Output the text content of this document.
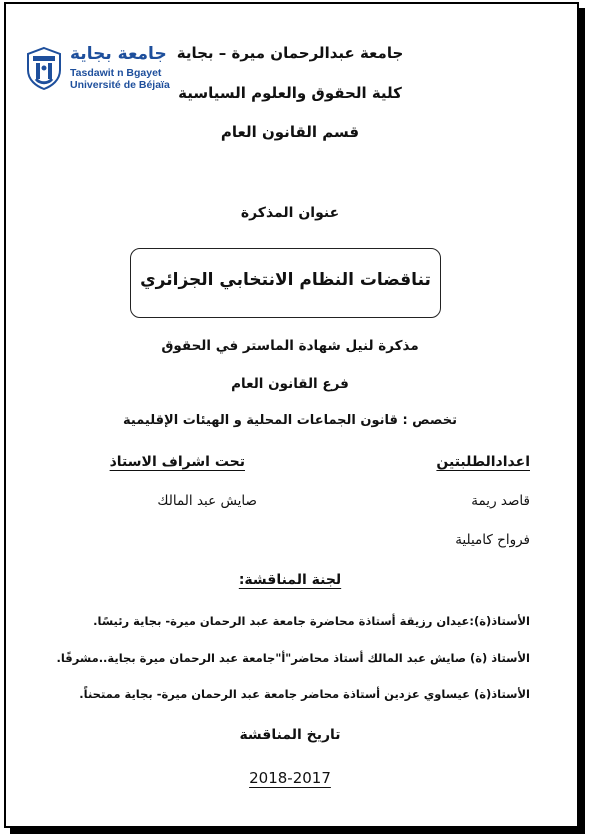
جامعة بجاية
Tasdawit n Bgayet
Université de Béjaïa
جامعة عبدالرحمان ميرة – بجاية
كلية الحقوق والعلوم السياسية
قسم القانون العام
عنوان المذكرة
تناقضات النظام الانتخابي الجزائري
مذكرة لنيل شهادة الماستر في الحقوق
فرع القانون العام
تخصص : قانون الجماعات المحلية و الهيئات الإقليمية
اعدادالطلبتين
تحت اشراف الاستاذ
قاصد ريمة
صايش عبد المالك
فرواح كاميلية
لجنة المناقشة:
الأستاذ(ة):عيدان رزيقة أستاذة محاضرة جامعة عبد الرحمان ميرة- بجاية رئيسًا.
الأستاذ (ة) صايش عبد المالك أستاذ محاضر"أ"جامعة عبد الرحمان ميرة بجاية..مشرفًا.
الأستاذ(ة) عيساوي عزدين أستاذة محاضر جامعة عبد الرحمان ميرة- بجاية ممتحناً.
تاريخ المناقشة
2018-2017
